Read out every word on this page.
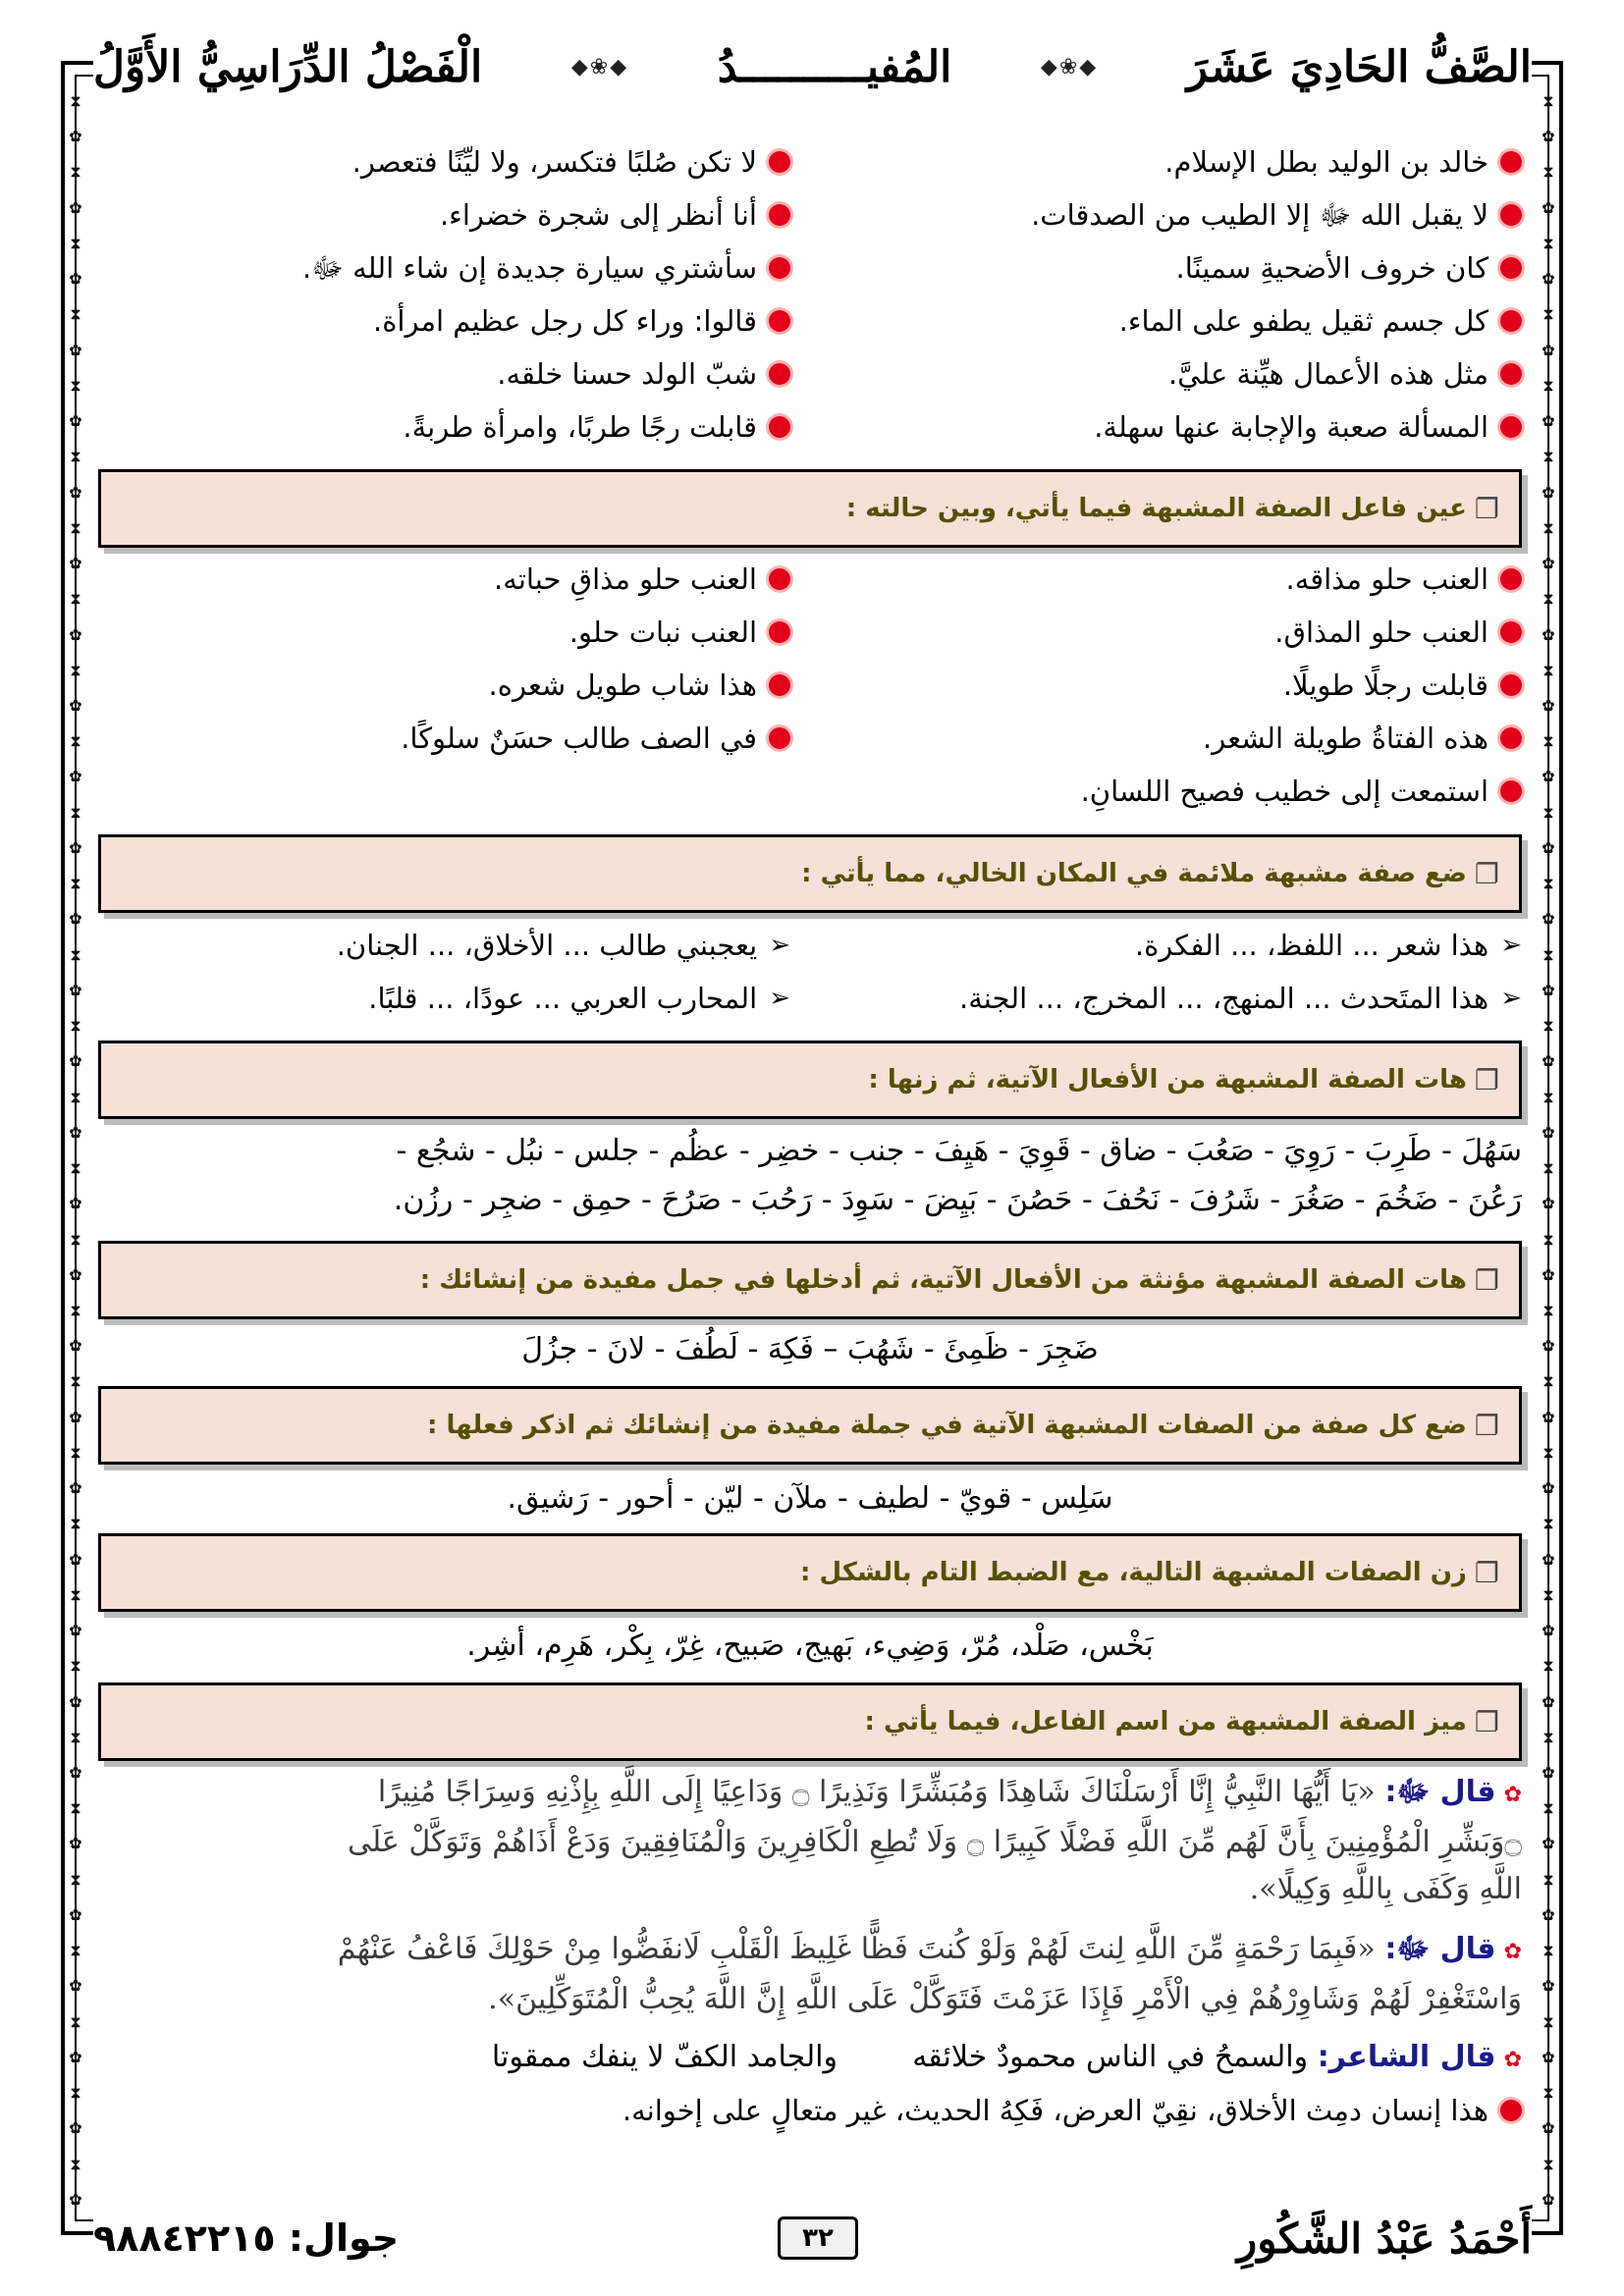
⧗
✿
⧗
✿
⧗
✿
⧗
✿
⧗
✿
⧗
✿
⧗
✿
⧗
✿
⧗
✿
⧗
✿
⧗
✿
⧗
✿
⧗
✿
⧗
✿
⧗
✿
⧗
✿
⧗
✿
⧗
✿
⧗
✿
⧗
✿
⧗
✿
⧗
✿
⧗
✿
⧗
✿
⧗
✿
⧗
✿
⧗
✿
⧗
✿
⧗
✿
⧗
✿
⧗
✿
⧗
✿
⧗
✿
⧗
✿
⧗
✿
⧗
✿
⧗
✿
⧗
✿
⧗
✿
⧗
✿
⧗
✿
⧗
✿
⧗
✿
⧗
✿
⧗
✿
⧗
✿
⧗
✿
⧗
✿
⧗
✿
⧗
✿
⧗
✿
⧗
✿
⧗
✿
⧗
✿
⧗
✿
⧗
✿
⧗
✿
⧗
✿
⧗
✿
⧗
✿
الصَّفُّ الحَادِيَ عَشَرَ
◆❀◆
المُفيــــــــــدُ
◆❀◆
الْفَصْلُ الدِّرَاسِيُّ الأَوَّلُ
خالد بن الوليد بطل الإسلام.
لا تكن صُلبًا فتكسر، ولا ليِّنًا فتعصر.
لا يقبل الله ﷻ إلا الطيب من الصدقات.
أنا أنظر إلى شجرة خضراء.
كان خروف الأضحيةِ سمينًا.
سأشتري سيارة جديدة إن شاء الله ﷻ.
كل جسم ثقيل يطفو على الماء.
قالوا: وراء كل رجل عظيم امرأة.
مثل هذه الأعمال هيِّنة عليَّ.
شبّ الولد حسنا خلقه.
المسألة صعبة والإجابة عنها سهلة.
قابلت رجًا طربًا، وامرأة طربةً.
❐
عين فاعل الصفة المشبهة فيما يأتي، وبين حالته :
العنب حلو مذاقه.
العنب حلو مذاقِ حباته.
العنب حلو المذاق.
العنب نبات حلو.
قابلت رجلًا طويلًا.
هذا شاب طويل شعره.
هذه الفتاةُ طويلة الشعر.
في الصف طالب حسَنٌ سلوكًا.
استمعت إلى خطيب فصيح اللسانِ.
❐
ضع صفة مشبهة ملائمة في المكان الخالي، مما يأتي :
➢
هذا شعر ... اللفظ، ... الفكرة.
➢
يعجبني طالب ... الأخلاق، ... الجنان.
➢
هذا المتَحدث ... المنهج، ... المخرج، ... الجنة.
➢
المحارب العربي ... عودًا، ... قلبًا.
❐
هات الصفة المشبهة من الأفعال الآتية، ثم زنها :
سَهُلَ - طَرِبَ - رَوِيَ - صَعُبَ - ضاق - قَوِيَ - هَيِفَ - جنب - خضِر - عظُم - جلس - نبُل - شجُع -
رَعُنَ - ضَخُمَ - صَغُرَ - شَرُفَ - نَحُفَ - حَصُنَ - بَيِضَ - سَوِدَ - رَحُبَ - صَرُحَ - حمِق - ضجِر - رزُن.
❐
هات الصفة المشبهة مؤنثة من الأفعال الآتية، ثم أدخلها في جمل مفيدة من إنشائك :
ضَجِرَ - ظَمِئَ - شَهُبَ – فَكِهَ - لَطُفَ - لانَ - جزُلَ
❐
ضع كل صفة من الصفات المشبهة الآتية في جملة مفيدة من إنشائك ثم اذكر فعلها :
سَلِس - قويّ - لطيف - ملآن - ليّن - أحور - رَشيق.
❐
زن الصفات المشبهة التالية، مع الضبط التام بالشكل :
بَخْس، صَلْد، مُرّ، وَضِيء، بَهيج، صَبيح، غِرّ، بِكْر، هَرِم، أشِر.
❐
ميز الصفة المشبهة من اسم الفاعل، فيما يأتي :
✿قال ﷻ: «يَا أَيُّهَا النَّبِيُّ إِنَّا أَرْسَلْنَاكَ شَاهِدًا وَمُبَشِّرًا وَنَذِيرًا ۝ وَدَاعِيًا إِلَى اللَّهِ بِإِذْنِهِ وَسِرَاجًا مُنِيرًا
۝وَبَشِّرِ الْمُؤْمِنِينَ بِأَنَّ لَهُم مِّنَ اللَّهِ فَضْلًا كَبِيرًا ۝ وَلَا تُطِعِ الْكَافِرِينَ وَالْمُنَافِقِينَ وَدَعْ أَذَاهُمْ وَتَوَكَّلْ عَلَى
اللَّهِ وَكَفَى بِاللَّهِ وَكِيلًا».
✿قال ﷻ: «فَبِمَا رَحْمَةٍ مِّنَ اللَّهِ لِنتَ لَهُمْ وَلَوْ كُنتَ فَظًّا غَلِيظَ الْقَلْبِ لَانفَضُّوا مِنْ حَوْلِكَ فَاعْفُ عَنْهُمْ
وَاسْتَغْفِرْ لَهُمْ وَشَاوِرْهُمْ فِي الْأَمْرِ فَإِذَا عَزَمْتَ فَتَوَكَّلْ عَلَى اللَّهِ إِنَّ اللَّهَ يُحِبُّ الْمُتَوَكِّلِينَ».
✿قال الشاعر: والسمحُ في الناس محمودٌ خلائقه        والجامد الكفّ لا ينفك ممقوتا
هذا إنسان دمِث الأخلاق، نقِيّ العرض، فَكِهُ الحديث، غير متعالٍ على إخوانه.
أَحْمَدُ عَبْدُ الشَّكُورِ
٣٢
جوال: ٩٨٨٤٢٢١٥
